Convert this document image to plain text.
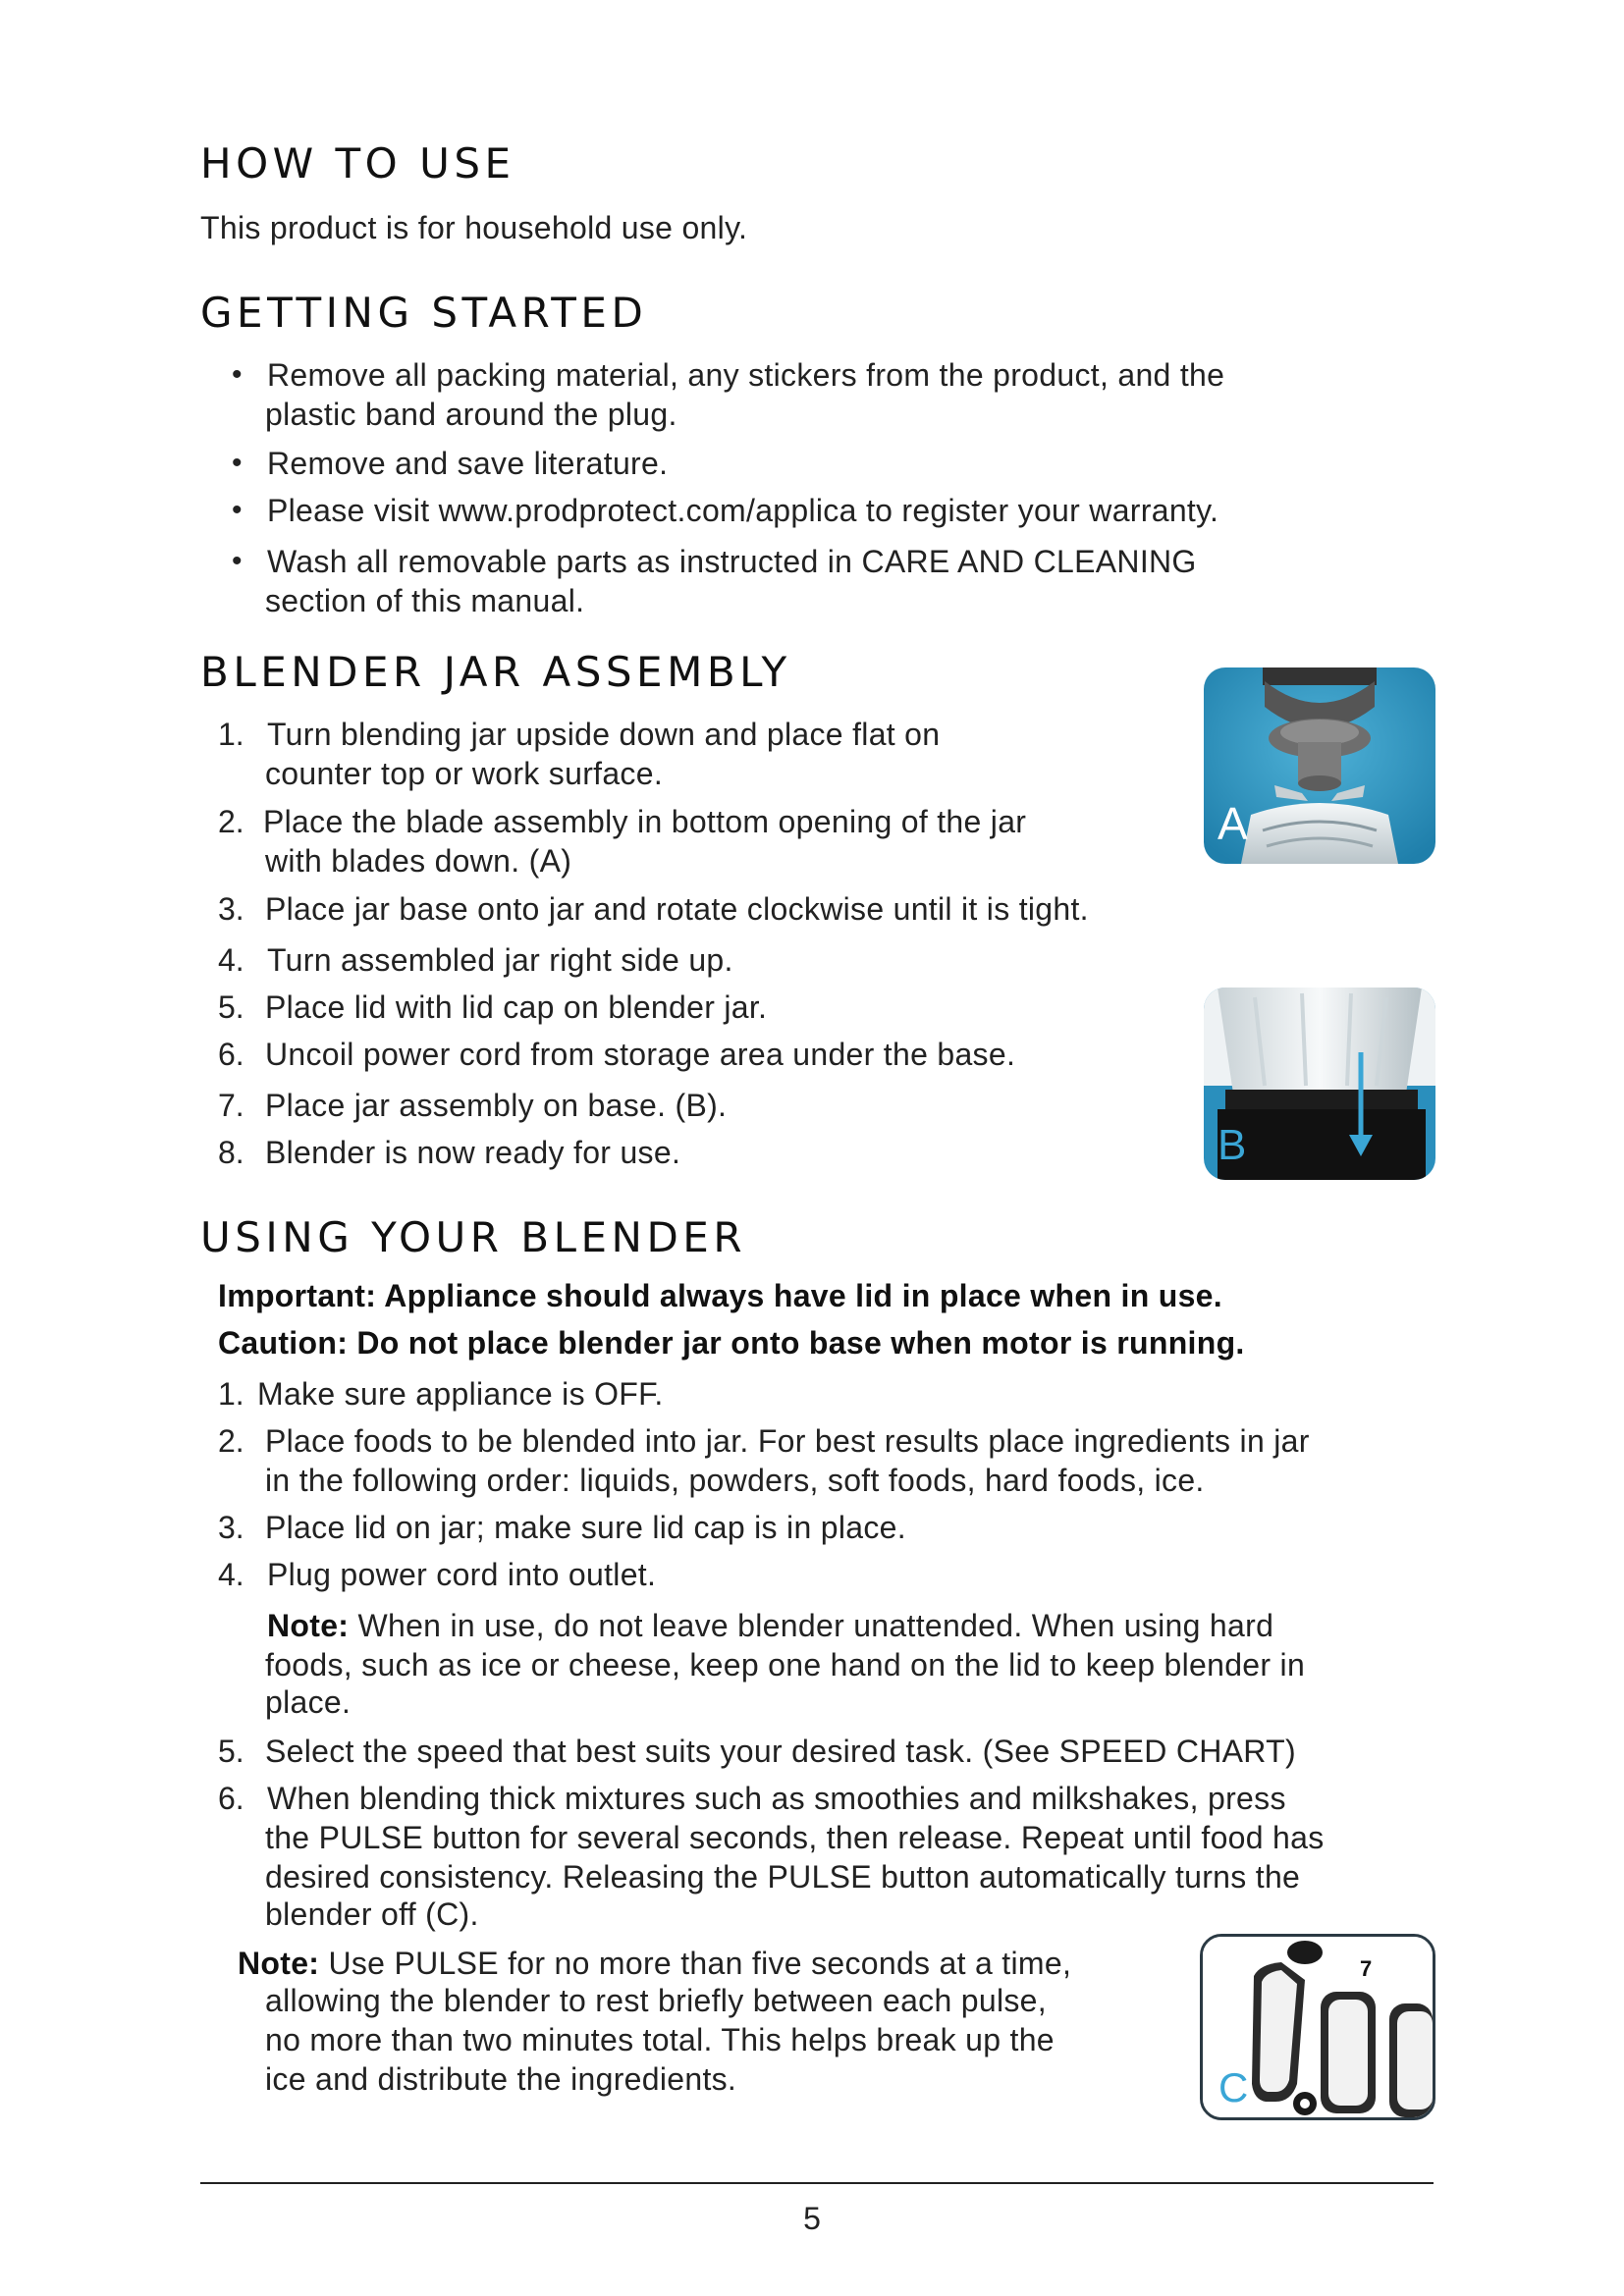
HOW TO USE

This product is for household use only.

GETTING STARTED
• Remove all packing material, any stickers from the product, and the

plastic band around the plug.

• Remove and save literature.

• Please visit www.prodprotect.com/applica to register your warranty.

• Wash all removable parts as instructed in CARE AND CLEANING

section of this manual.

BLENDER JAR ASSEMBLY
1. Turn blending jar upside down and place flat on

counter top or work surface.

2. Place the blade assembly in bottom opening of the jar

with blades down. (A)

3. Place jar base onto jar and rotate clockwise until it is tight.

4. Turn assembled jar right side up.

5. Place lid with lid cap on blender jar.

6. Uncoil power cord from storage area under the base.

7. Place jar assembly on base. (B).

8. Blender is now ready for use.

A
B
USING YOUR BLENDER

Important: Appliance should always have lid in place when in use.

Caution: Do not place blender jar onto base when motor is running.

1. Make sure appliance is OFF.

2. Place foods to be blended into jar. For best results place ingredients in jar

in the following order: liquids, powders, soft foods, hard foods, ice.

3. Place lid on jar; make sure lid cap is in place.

4. Plug power cord into outlet.

Note: When in use, do not leave blender unattended. When using hard

foods, such as ice or cheese, keep one hand on the lid to keep blender in

place.

5. Select the speed that best suits your desired task. (See SPEED CHART)

6. When blending thick mixtures such as smoothies and milkshakes, press

the PULSE button for several seconds, then release. Repeat until food has

desired consistency. Releasing the PULSE button automatically turns the

blender off (C).

Note: Use PULSE for no more than five seconds at a time,

allowing the blender to rest briefly between each pulse,

no more than two minutes total. This helps break up the

ice and distribute the ingredients.

7
C
5
